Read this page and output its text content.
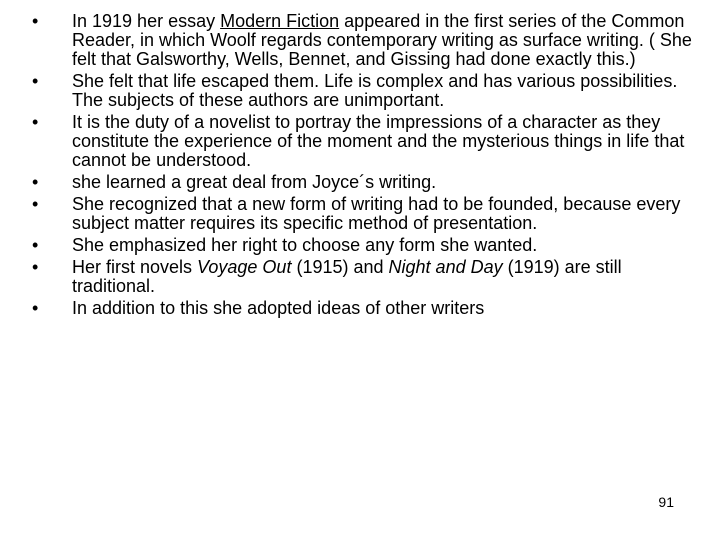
• In 1919 her essay Modern Fiction appeared in the first series of the Common Reader, in which Woolf regards contemporary writing as surface writing. ( She felt that Galsworthy, Wells, Bennet, and Gissing had done exactly this.)
• She felt that life escaped them. Life is complex and has various possibilities. The subjects of these authors are unimportant.
• It is the duty of a novelist to portray the impressions of a character as they constitute the experience of the moment and the mysterious things in life that cannot be understood.
• she learned a great deal from Joyce´s writing.
• She recognized that a new form of writing had to be founded, because every subject matter requires its specific method of presentation.
• She emphasized her right to choose any form she wanted.
• Her first novels Voyage Out (1915) and Night and Day (1919) are still traditional.
• In addition to this she adopted ideas of other writers
91
